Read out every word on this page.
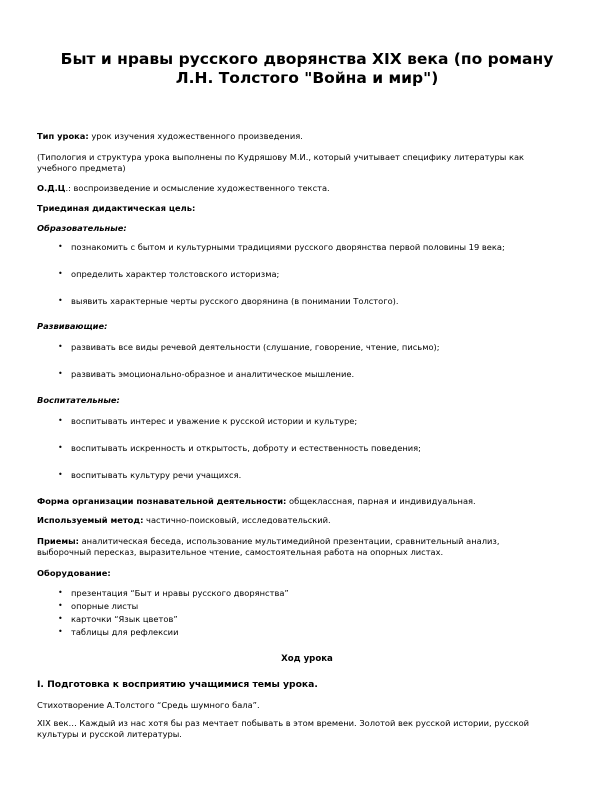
Быт и нравы русского дворянства XIX века (по роману
Л.Н. Толстого "Война и мир")

Тип урока: урок изучения художественного произведения.

(Типология и структура урока выполнены по Кудряшову М.И., который учитывает специфику литературы как
учебного предмета)

О.Д.Ц.: воспроизведение и осмысление художественного текста.

Триединая дидактическая цель:

Образовательные:

• познакомить с бытом и культурными традициями русского дворянства первой половины 19 века;
• определить характер толстовского историзма;
• выявить характерные черты русского дворянина (в понимании Толстого).

Развивающие:

• развивать все виды речевой деятельности (слушание, говорение, чтение, письмо);
• развивать эмоционально-образное и аналитическое мышление.

Воспитательные:

• воспитывать интерес и уважение к русской истории и культуре;
• воспитывать искренность и открытость, доброту и естественность поведения;
• воспитывать культуру речи учащихся.

Форма организации познавательной деятельности: общеклассная, парная и индивидуальная.

Используемый метод: частично-поисковый, исследовательский.

Приемы: аналитическая беседа, использование мультимедийной презентации, сравнительный анализ,
выборочный пересказ, выразительное чтение, самостоятельная работа на опорных листах.

Оборудование:

• презентация “Быт и нравы русского дворянства”
• опорные листы
• карточки “Язык цветов”
• таблицы для рефлексии
Ход урока

I. Подготовка к восприятию учащимися темы урока.

Стихотворение А.Толстого “Средь шумного бала”.

XIX век… Каждый из нас хотя бы раз мечтает побывать в этом времени. Золотой век русской истории, русской
культуры и русской литературы.
